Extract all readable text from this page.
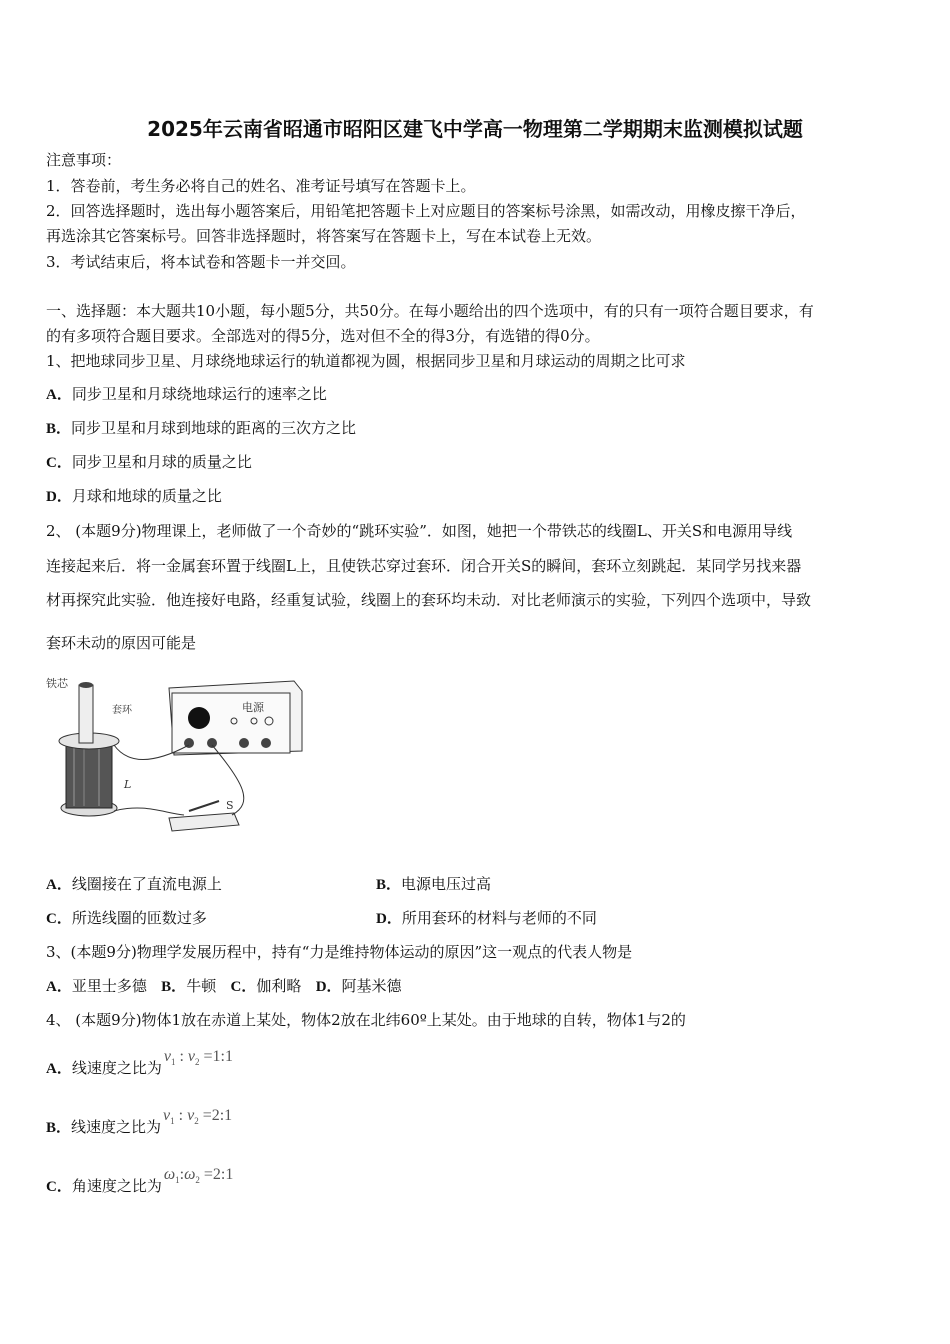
2025年云南省昭通市昭阳区建飞中学高一物理第二学期期末监测模拟试题
注意事项：
1．答卷前，考生务必将自己的姓名、准考证号填写在答题卡上。
2．回答选择题时，选出每小题答案后，用铅笔把答题卡上对应题目的答案标号涂黑，如需改动，用橡皮擦干净后，
再选涂其它答案标号。回答非选择题时，将答案写在答题卡上，写在本试卷上无效。
3．考试结束后，将本试卷和答题卡一并交回。
一、选择题：本大题共10小题，每小题5分，共50分。在每小题给出的四个选项中，有的只有一项符合题目要求，有
的有多项符合题目要求。全部选对的得5分，选对但不全的得3分，有选错的得0分。
1、把地球同步卫星、月球绕地球运行的轨道都视为圆，根据同步卫星和月球运动的周期之比可求
A．同步卫星和月球绕地球运行的速率之比
B．同步卫星和月球到地球的距离的三次方之比
C．同步卫星和月球的质量之比
D．月球和地球的质量之比
2、 (本题9分)物理课上，老师做了一个奇妙的“跳环实验”．如图，她把一个带铁芯的线圈L、开关S和电源用导线
连接起来后．将一金属套环置于线圈L上，且使铁芯穿过套环．闭合开关S的瞬间，套环立刻跳起．某同学另找来器
材再探究此实验．他连接好电路，经重复试验，线圈上的套环均未动．对比老师演示的实验，下列四个选项中，导致
套环未动的原因可能是
铁芯
套环	电源
L
S
A．线圈接在了直流电源上	B．电源电压过高
C．所选线圈的匝数过多	D．所用套环的材料与老师的不同
3、(本题9分)物理学发展历程中，持有“力是维持物体运动的原因”这一观点的代表人物是
A．亚里士多德 B．牛顿 C．伽利略 D．阿基米德
4、 (本题9分)物体1放在赤道上某处，物体2放在北纬60º上某处。由于地球的自转，物体1与2的
A．线速度之比为$v_1$ : $v_2$ =1:1
B．线速度之比为$v_1$ : $v_2$ =2:1
C．角速度之比为$\omega_1:\omega_2$ =2:1
